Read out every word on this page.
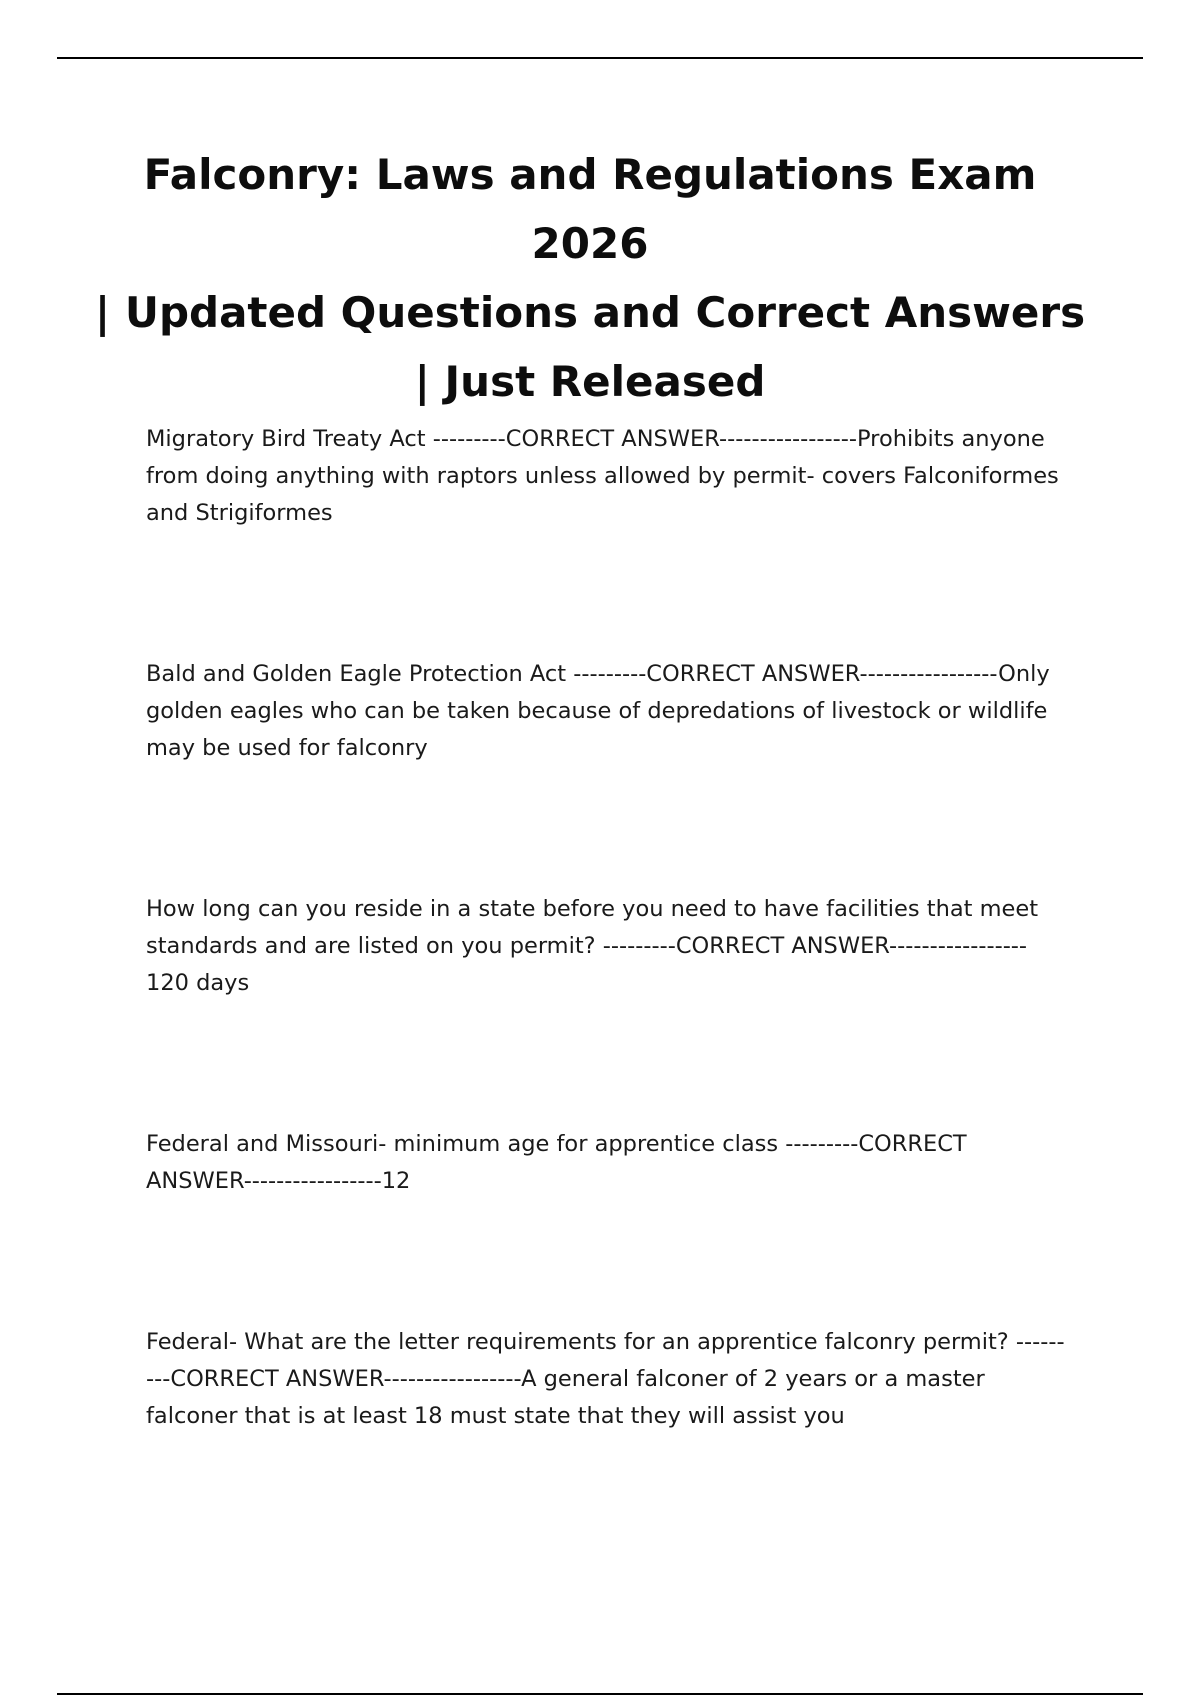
Falconry: Laws and Regulations Exam 2026
| Updated Questions and Correct Answers
| Just Released

Migratory Bird Treaty Act ---------CORRECT ANSWER-----------------Prohibits anyone
from doing anything with raptors unless allowed by permit- covers Falconiformes
and Strigiformes

Bald and Golden Eagle Protection Act ---------CORRECT ANSWER-----------------Only
golden eagles who can be taken because of depredations of livestock or wildlife
may be used for falconry

How long can you reside in a state before you need to have facilities that meet
standards and are listed on you permit? ---------CORRECT ANSWER-----------------
120 days

Federal and Missouri- minimum age for apprentice class ---------CORRECT
ANSWER-----------------12

Federal- What are the letter requirements for an apprentice falconry permit? ------
---CORRECT ANSWER-----------------A general falconer of 2 years or a master
falconer that is at least 18 must state that they will assist you
